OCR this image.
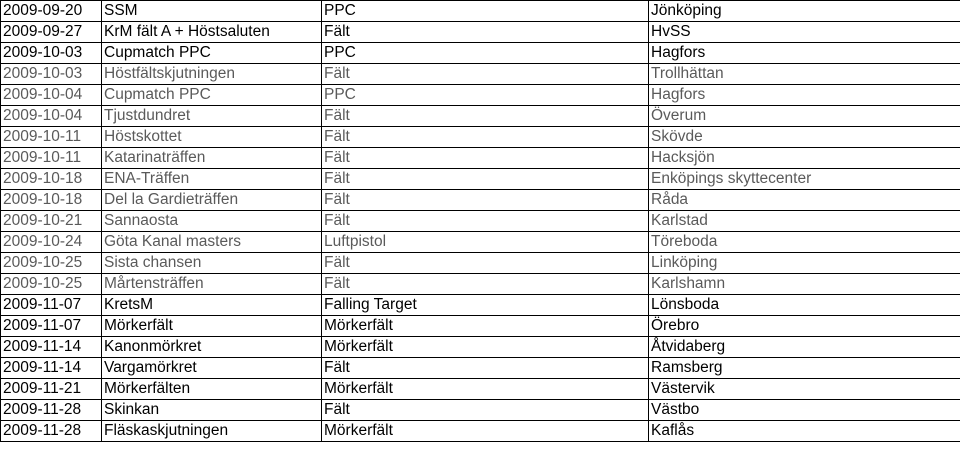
2009-09-20	SSM	PPC	Jönköping
2009-09-27	KrM fält A + Höstsaluten	Fält	HvSS
2009-10-03	Cupmatch PPC	PPC	Hagfors
2009-10-03	Höstfältskjutningen	Fält	Trollhättan
2009-10-04	Cupmatch PPC	PPC	Hagfors
2009-10-04	Tjustdundret	Fält	Överum
2009-10-11	Höstskottet	Fält	Skövde
2009-10-11	Katarinaträffen	Fält	Hacksjön
2009-10-18	ENA-Träffen	Fält	Enköpings skyttecenter
2009-10-18	Del la Gardieträffen	Fält	Råda
2009-10-21	Sannaosta	Fält	Karlstad
2009-10-24	Göta Kanal masters	Luftpistol	Töreboda
2009-10-25	Sista chansen	Fält	Linköping
2009-10-25	Mårtensträffen	Fält	Karlshamn
2009-11-07	KretsM	Falling Target	Lönsboda
2009-11-07	Mörkerfält	Mörkerfält	Örebro
2009-11-14	Kanonmörkret	Mörkerfält	Åtvidaberg
2009-11-14	Vargamörkret	Fält	Ramsberg
2009-11-21	Mörkerfälten	Mörkerfält	Västervik
2009-11-28	Skinkan	Fält	Västbo
2009-11-28	Fläskaskjutningen	Mörkerfält	Kaflås
